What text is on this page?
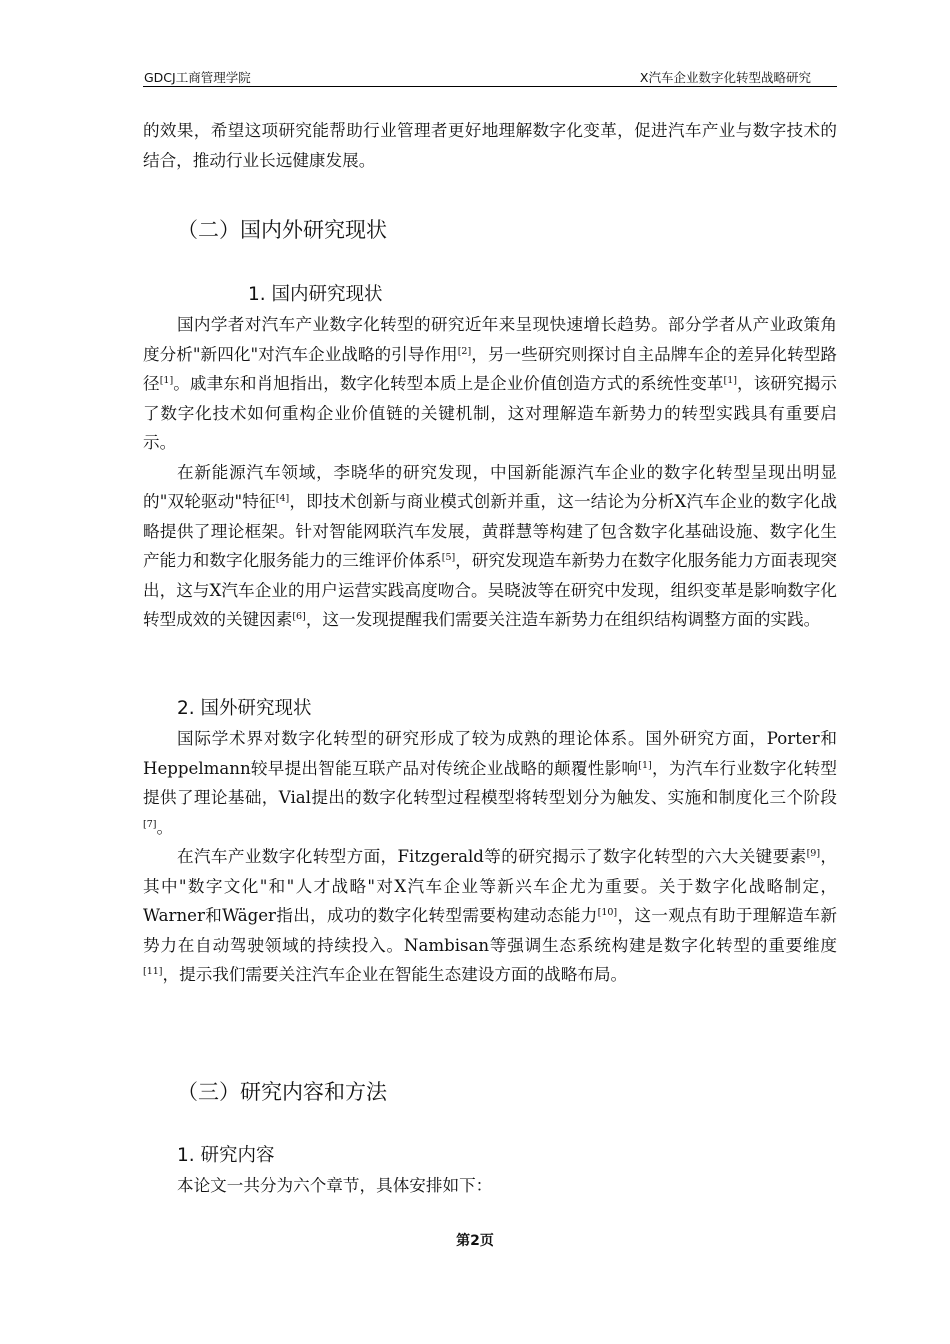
GDCJ工商管理学院	X汽车企业数字化转型战略研究

的效果，希望这项研究能帮助行业管理者更好地理解数字化变革，促进汽车产业与数字技术的结合，推动行业长远健康发展。

（二）国内外研究现状
1. 国内研究现状

国内学者对汽车产业数字化转型的研究近年来呈现快速增长趋势。部分学者从产业政策角度分析"新四化"对汽车企业战略的引导作用[2]，另一些研究则探讨自主品牌车企的差异化转型路径[1]。戚聿东和肖旭指出，数字化转型本质上是企业价值创造方式的系统性变革[1]，该研究揭示了数字化技术如何重构企业价值链的关键机制，这对理解造车新势力的转型实践具有重要启示。

在新能源汽车领域，李晓华的研究发现，中国新能源汽车企业的数字化转型呈现出明显的"双轮驱动"特征[4]，即技术创新与商业模式创新并重，这一结论为分析X汽车企业的数字化战略提供了理论框架。针对智能网联汽车发展，黄群慧等构建了包含数字化基础设施、数字化生产能力和数字化服务能力的三维评价体系[5]，研究发现造车新势力在数字化服务能力方面表现突出，这与X汽车企业的用户运营实践高度吻合。吴晓波等在研究中发现，组织变革是影响数字化转型成效的关键因素[6]，这一发现提醒我们需要关注造车新势力在组织结构调整方面的实践。

2. 国外研究现状

国际学术界对数字化转型的研究形成了较为成熟的理论体系。国外研究方面，Porter和Heppelmann较早提出智能互联产品对传统企业战略的颠覆性影响[1]，为汽车行业数字化转型提供了理论基础，Vial提出的数字化转型过程模型将转型划分为触发、实施和制度化三个阶段[7]。

在汽车产业数字化转型方面，Fitzgerald等的研究揭示了数字化转型的六大关键要素[9]，其中"数字文化"和"人才战略"对X汽车企业等新兴车企尤为重要。关于数字化战略制定，Warner和Wäger指出，成功的数字化转型需要构建动态能力[10]，这一观点有助于理解造车新势力在自动驾驶领域的持续投入。Nambisan等强调生态系统构建是数字化转型的重要维度[11]，提示我们需要关注汽车企业在智能生态建设方面的战略布局。

（三）研究内容和方法
1. 研究内容

本论文一共分为六个章节，具体安排如下：

第2页
